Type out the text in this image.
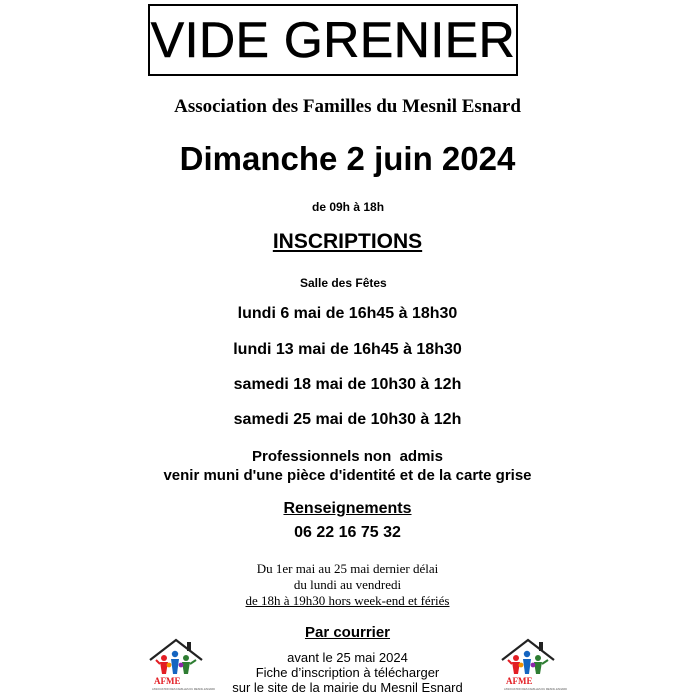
VIDE GRENIER
Association des Familles du Mesnil Esnard
Dimanche 2 juin 2024
de 09h à 18h
INSCRIPTIONS
Salle des Fêtes
lundi 6 mai de 16h45 à 18h30
lundi 13 mai de 16h45 à 18h30
samedi 18 mai de 10h30 à 12h
samedi 25 mai de 10h30 à 12h
Professionnels non  admis
venir muni d'une pièce d'identité et de la carte grise
Renseignements
06 22 16 75 32
Du 1er mai au 25 mai dernier délai
du lundi au vendredi
de 18h à 19h30 hors week-end et fériés
Par courrier
avant le 25 mai 2024
Fiche d’inscription à télécharger
sur le site de la mairie du Mesnil Esnard
AFME
ASSOCIATION DES FAMILLES DU MESNIL ESNARD
AFME
ASSOCIATION DES FAMILLES DU MESNIL ESNARD
